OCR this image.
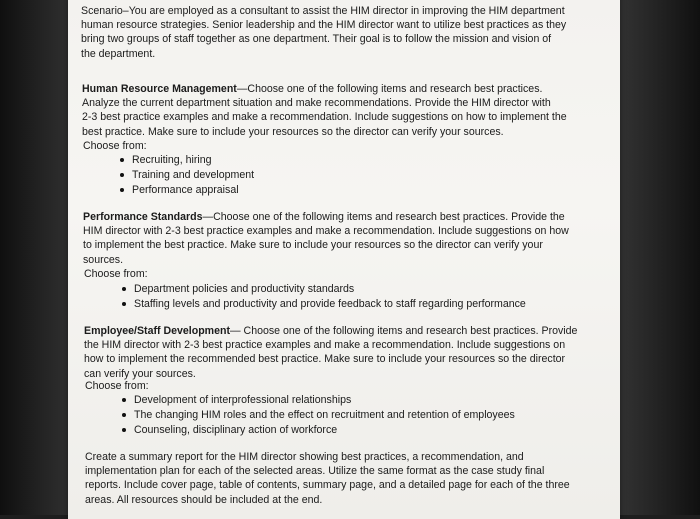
Scenario–You are employed as a consultant to assist the HIM director in improving the HIM department
human resource strategies. Senior leadership and the HIM director want to utilize best practices as they
bring two groups of staff together as one department. Their goal is to follow the mission and vision of
the department.

Human Resource Management—Choose one of the following items and research best practices.
Analyze the current department situation and make recommendations. Provide the HIM director with
2-3 best practice examples and make a recommendation. Include suggestions on how to implement the
best practice. Make sure to include your resources so the director can verify your sources.

Choose from:

Recruiting, hiring
Training and development
Performance appraisal

Performance Standards—Choose one of the following items and research best practices. Provide the
HIM director with 2-3 best practice examples and make a recommendation. Include suggestions on how
to implement the best practice. Make sure to include your resources so the director can verify your
sources.

Choose from:

Department policies and productivity standards
Staffing levels and productivity and provide feedback to staff regarding performance

Employee/Staff Development— Choose one of the following items and research best practices. Provide
the HIM director with 2-3 best practice examples and make a recommendation. Include suggestions on
how to implement the recommended best practice. Make sure to include your resources so the director
can verify your sources.

Choose from:

Development of interprofessional relationships
The changing HIM roles and the effect on recruitment and retention of employees
Counseling, disciplinary action of workforce

Create a summary report for the HIM director showing best practices, a recommendation, and
implementation plan for each of the selected areas. Utilize the same format as the case study final
reports. Include cover page, table of contents, summary page, and a detailed page for each of the three
areas. All resources should be included at the end.
